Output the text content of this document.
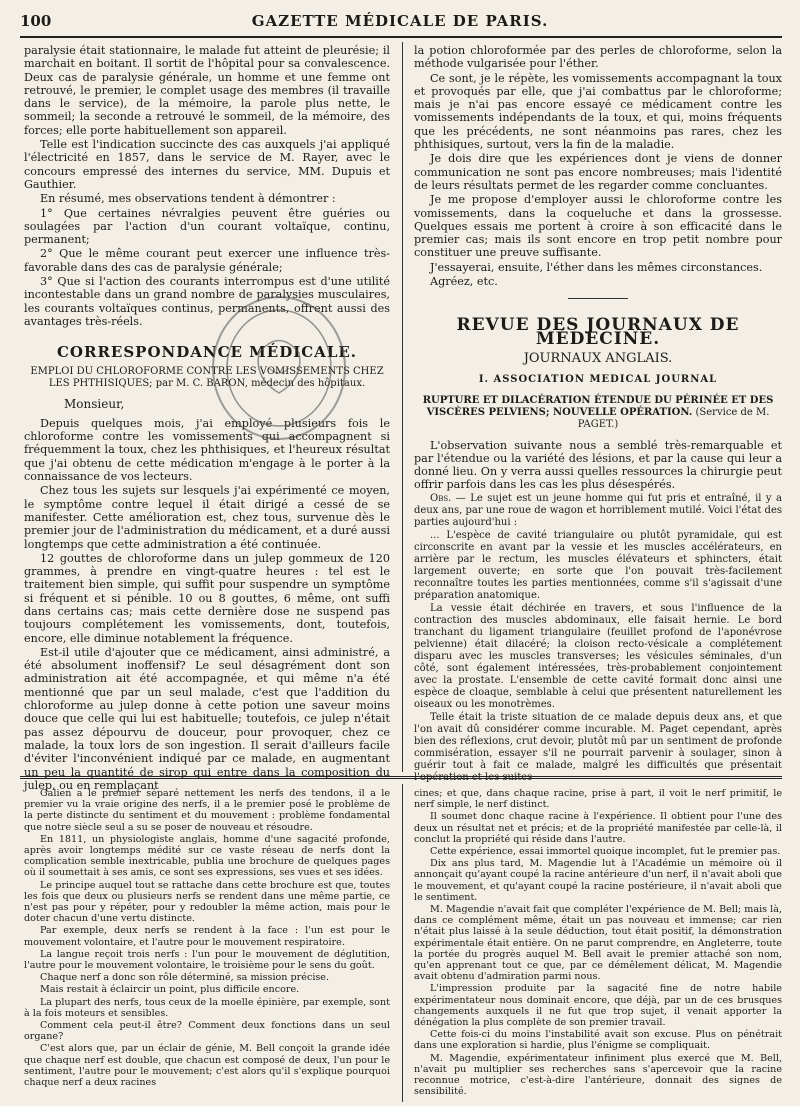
100	GAZETTE MÉDICALE DE PARIS.

paralysie était stationnaire, le malade fut atteint de pleurésie; il marchait en boitant. Il sortit de l'hôpital pour sa convalescence. Deux cas de paralysie générale, un homme et une femme ont retrouvé, le premier, le complet usage des membres (il travaille dans le service), de la mémoire, la parole plus nette, le sommeil; la seconde a retrouvé le sommeil, de la mémoire, des forces; elle porte habituellement son appareil.

Telle est l'indication succincte des cas auxquels j'ai appliqué l'électricité en 1857, dans le service de M. Rayer, avec le concours empressé des internes du service, MM. Dupuis et Gauthier.

En résumé, mes observations tendent à démontrer :

1° Que certaines névralgies peuvent être guéries ou soulagées par l'action d'un courant voltaïque, continu, permanent;

2° Que le même courant peut exercer une influence très-favorable dans des cas de paralysie générale;

3° Que si l'action des courants interrompus est d'une utilité incontestable dans un grand nombre de paralysies musculaires, les courants voltaïques continus, permanents, offrent aussi des avantages très-réels.

CORRESPONDANCE MÉDICALE.

EMPLOI DU CHLOROFORME CONTRE LES VOMISSEMENTS CHEZ LES PHTHISIQUES; par M. C. BARON, médecin des hôpitaux.

Monsieur,

Depuis quelques mois, j'ai employé plusieurs fois le chloroforme contre les vomissements qui accompagnent si fréquemment la toux, chez les phthisiques, et l'heureux résultat que j'ai obtenu de cette médication m'engage à le porter à la connaissance de vos lecteurs.

Chez tous les sujets sur lesquels j'ai expérimenté ce moyen, le symptôme contre lequel il était dirigé a cessé de se manifester. Cette amélioration est, chez tous, survenue dès le premier jour de l'administration du médicament, et a duré aussi longtemps que cette administration a été continuée.

12 gouttes de chloroforme dans un julep gommeux de 120 grammes, à prendre en vingt-quatre heures : tel est le traitement bien simple, qui suffit pour suspendre un symptôme si fréquent et si pénible. 10 ou 8 gouttes, 6 même, ont suffi dans certains cas; mais cette dernière dose ne suspend pas toujours complétement les vomissements, dont, toutefois, encore, elle diminue notablement la fréquence.

Est-il utile d'ajouter que ce médicament, ainsi administré, a été absolument inoffensif? Le seul désagrément dont son administration ait été accompagnée, et qui même n'a été mentionné que par un seul malade, c'est que l'addition du chloroforme au julep donne à cette potion une saveur moins douce que celle qui lui est habituelle; toutefois, ce julep n'était pas assez dépourvu de douceur, pour provoquer, chez ce malade, la toux lors de son ingestion. Il serait d'ailleurs facile d'éviter l'inconvénient indiqué par ce malade, en augmentant un peu la quantité de sirop qui entre dans la composition du julep, ou en remplaçant

la potion chloroformée par des perles de chloroforme, selon la méthode vulgarisée pour l'éther.

Ce sont, je le répète, les vomissements accompagnant la toux et provoqués par elle, que j'ai combattus par le chloroforme; mais je n'ai pas encore essayé ce médicament contre les vomissements indépendants de la toux, et qui, moins fréquents que les précédents, ne sont néanmoins pas rares, chez les phthisiques, surtout, vers la fin de la maladie.

Je dois dire que les expériences dont je viens de donner communication ne sont pas encore nombreuses; mais l'identité de leurs résultats permet de les regarder comme concluantes.

Je me propose d'employer aussi le chloroforme contre les vomissements, dans la coqueluche et dans la grossesse. Quelques essais me portent à croire à son efficacité dans le premier cas; mais ils sont encore en trop petit nombre pour constituer une preuve suffisante.

J'essayerai, ensuite, l'éther dans les mêmes circonstances.

Agréez, etc.

REVUE DES JOURNAUX DE MÉDECINE.
JOURNAUX ANGLAIS.
I. ASSOCIATION MEDICAL JOURNAL
RUPTURE ET DILACÉRATION ÉTENDUE DU PÉRINÉE ET DES VISCÈRES PELVIENS; NOUVELLE OPÉRATION. (Service de M. PAGET.)

L'observation suivante nous a semblé très-remarquable et par l'étendue ou la variété des lésions, et par la cause qui leur a donné lieu. On y verra aussi quelles ressources la chirurgie peut offrir parfois dans les cas les plus désespérés.

Obs. — Le sujet est un jeune homme qui fut pris et entraîné, il y a deux ans, par une roue de wagon et horriblement mutilé. Voici l'état des parties aujourd'hui :

... L'espèce de cavité triangulaire ou plutôt pyramidale, qui est circonscrite en avant par la vessie et les muscles accélérateurs, en arrière par le rectum, les muscles élévateurs et sphincters, était largement ouverte; en sorte que l'on pouvait très-facilement reconnaître toutes les parties mentionnées, comme s'il s'agissait d'une préparation anatomique.

La vessie était déchirée en travers, et sous l'influence de la contraction des muscles abdominaux, elle faisait hernie. Le bord tranchant du ligament triangulaire (feuillet profond de l'aponévrose pelvienne) était dilacéré; la cloison recto-vésicale a complétement disparu avec les muscles transverses; les vésicules séminales, d'un côté, sont également intéressées, très-probablement conjointement avec la prostate. L'ensemble de cette cavité formait donc ainsi une espèce de cloaque, semblable à celui que présentent naturellement les oiseaux ou les monotrèmes.

Telle était la triste situation de ce malade depuis deux ans, et que l'on avait dû considérer comme incurable. M. Paget cependant, après bien des réflexions, crut devoir, plutôt mû par un sentiment de profonde commisération, essayer s'il ne pourrait parvenir à soulager, sinon à guérir tout à fait ce malade, malgré les difficultés que présentait l'opération et les suites

Galien a le premier séparé nettement les nerfs des tendons, il a le premier vu la vraie origine des nerfs, il a le premier posé le problème de la perte distincte du sentiment et du mouvement : problème fondamental que notre siècle seul a su se poser de nouveau et résoudre.

En 1811, un physiologiste anglais, homme d'une sagacité profonde, après avoir longtemps médité sur ce vaste réseau de nerfs dont la complication semble inextricable, publia une brochure de quelques pages où il soumettait à ses amis, ce sont ses expressions, ses vues et ses idées.

Le principe auquel tout se rattache dans cette brochure est que, toutes les fois que deux ou plusieurs nerfs se rendent dans une même partie, ce n'est pas pour y répéter, pour y redoubler la même action, mais pour le doter chacun d'une vertu distincte.

Par exemple, deux nerfs se rendent à la face : l'un est pour le mouvement volontaire, et l'autre pour le mouvement respiratoire.

La langue reçoit trois nerfs : l'un pour le mouvement de déglutition, l'autre pour le mouvement volontaire, le troisième pour le sens du goût.

Chaque nerf a donc son rôle déterminé, sa mission précise.

Mais restait à éclaircir un point, plus difficile encore.

La plupart des nerfs, tous ceux de la moelle épinière, par exemple, sont à la fois moteurs et sensibles.

Comment cela peut-il être? Comment deux fonctions dans un seul organe?

C'est alors que, par un éclair de génie, M. Bell conçoit la grande idée que chaque nerf est double, que chacun est composé de deux, l'un pour le sentiment, l'autre pour le mouvement; c'est alors qu'il s'explique pourquoi chaque nerf a deux racines

cines; et que, dans chaque racine, prise à part, il voit le nerf primitif, le nerf simple, le nerf distinct.

Il soumet donc chaque racine à l'expérience. Il obtient pour l'une des deux un résultat net et précis; et de la propriété manifestée par celle-là, il conclut la propriété qui réside dans l'autre.

Cette expérience, essai immortel quoique incomplet, fut le premier pas.

Dix ans plus tard, M. Magendie lut à l'Académie un mémoire où il annonçait qu'ayant coupé la racine antérieure d'un nerf, il n'avait aboli que le mouvement, et qu'ayant coupé la racine postérieure, il n'avait aboli que le sentiment.

M. Magendie n'avait fait que compléter l'expérience de M. Bell; mais là, dans ce complément même, était un pas nouveau et immense; car rien n'était plus laissé à la seule déduction, tout était positif, la démonstration expérimentale était entière. On ne parut comprendre, en Angleterre, toute la portée du progrès auquel M. Bell avait le premier attaché son nom, qu'en apprenant tout ce que, par ce démêlement délicat, M. Magendie avait obtenu d'admiration parmi nous.

L'impression produite par la sagacité fine de notre habile expérimentateur nous dominait encore, que déjà, par un de ces brusques changements auxquels il ne fut que trop sujet, il venait apporter la dénégation la plus complète de son premier travail.

Cette fois-ci du moins l'instabilité avait son excuse. Plus on pénétrait dans une exploration si hardie, plus l'énigme se compliquait.

M. Magendie, expérimentateur infiniment plus exercé que M. Bell, n'avait pu multiplier ses recherches sans s'apercevoir que la racine reconnue motrice, c'est-à-dire l'antérieure, donnait des signes de sensibilité.
